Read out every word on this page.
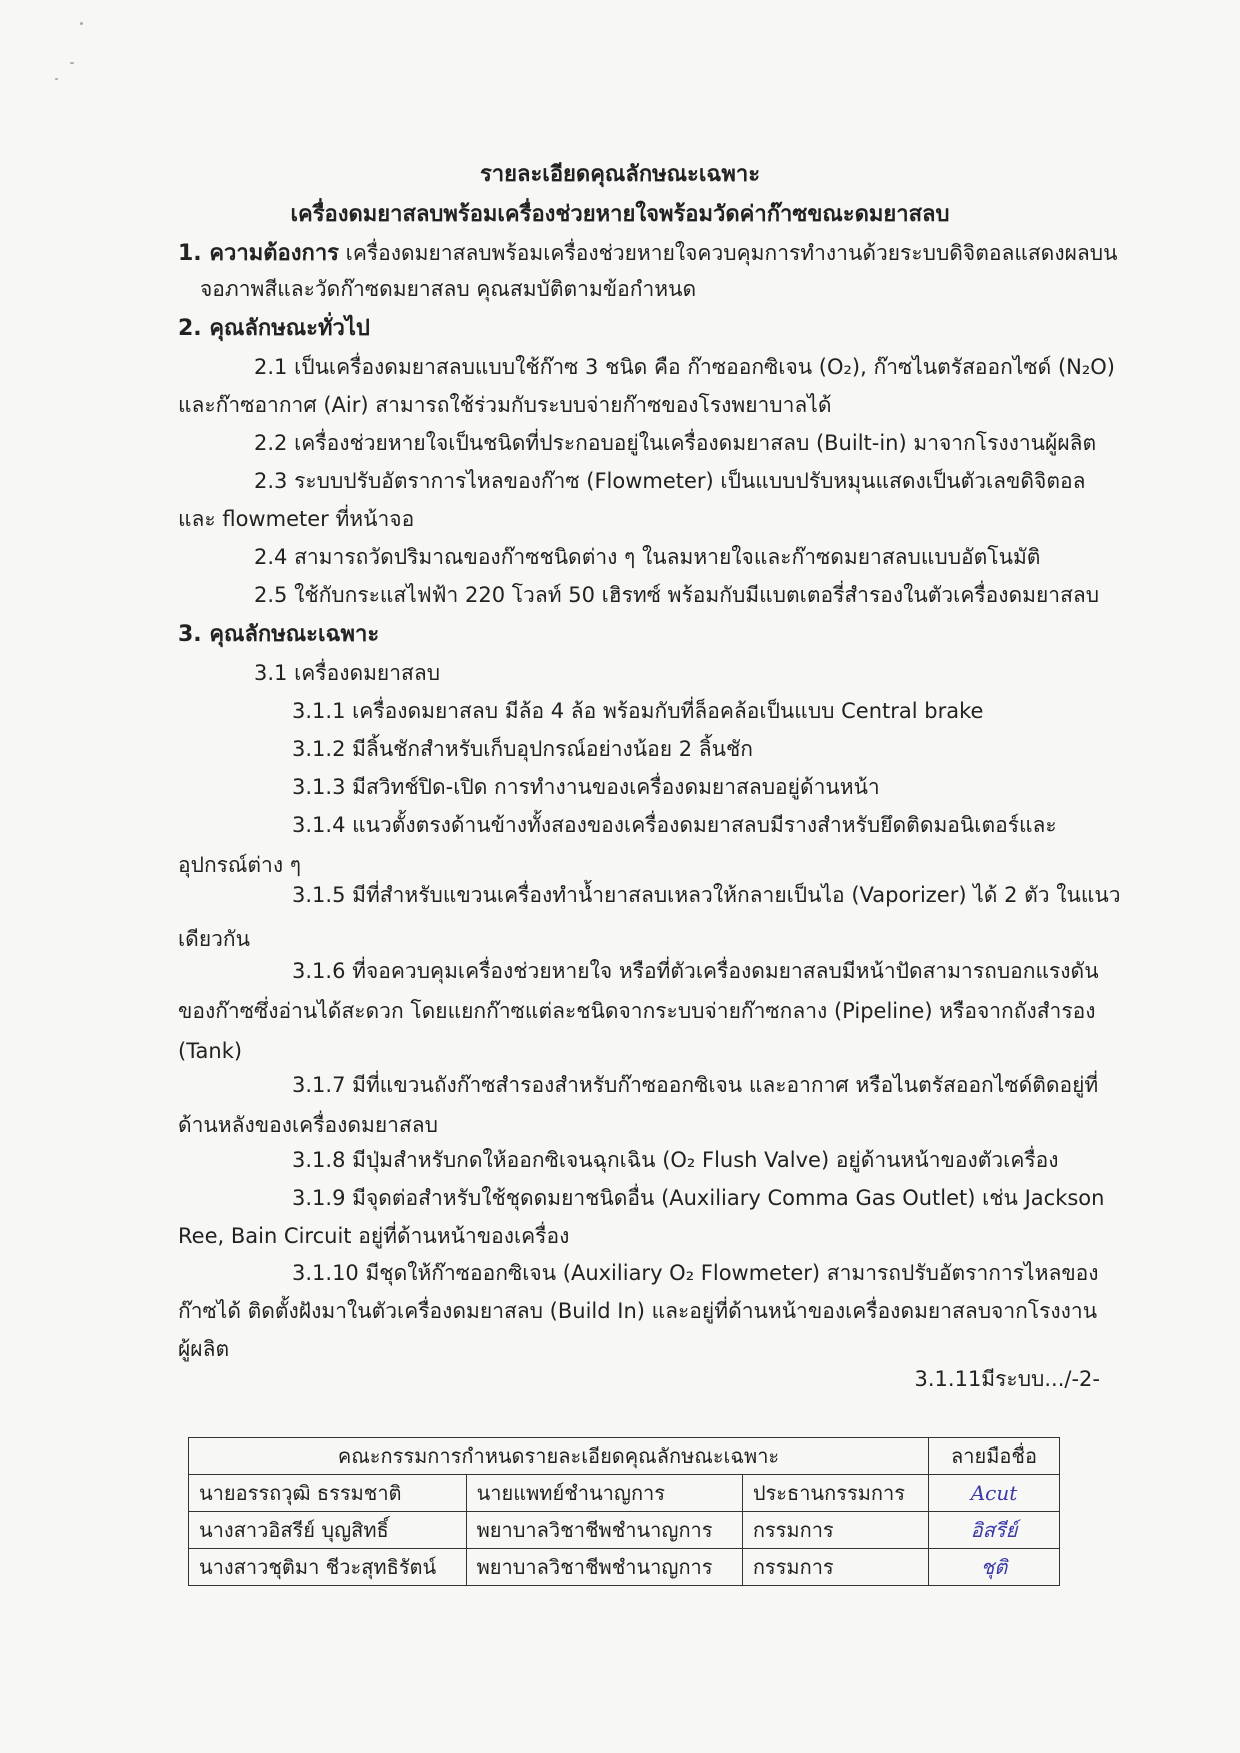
รายละเอียดคุณลักษณะเฉพาะ
เครื่องดมยาสลบพร้อมเครื่องช่วยหายใจพร้อมวัดค่าก๊าซขณะดมยาสลบ
1. ความต้องการ เครื่องดมยาสลบพร้อมเครื่องช่วยหายใจควบคุมการทำงานด้วยระบบดิจิตอลแสดงผลบน
จอภาพสีและวัดก๊าซดมยาสลบ คุณสมบัติตามข้อกำหนด
2. คุณลักษณะทั่วไป
2.1 เป็นเครื่องดมยาสลบแบบใช้ก๊าซ 3 ชนิด คือ ก๊าซออกซิเจน (O₂), ก๊าซไนตรัสออกไซด์ (N₂O)
และก๊าซอากาศ (Air) สามารถใช้ร่วมกับระบบจ่ายก๊าซของโรงพยาบาลได้
2.2 เครื่องช่วยหายใจเป็นชนิดที่ประกอบอยู่ในเครื่องดมยาสลบ (Built-in) มาจากโรงงานผู้ผลิต
2.3 ระบบปรับอัตราการไหลของก๊าซ (Flowmeter) เป็นแบบปรับหมุนแสดงเป็นตัวเลขดิจิตอล
และ flowmeter ที่หน้าจอ
2.4 สามารถวัดปริมาณของก๊าซชนิดต่าง ๆ ในลมหายใจและก๊าซดมยาสลบแบบอัตโนมัติ
2.5 ใช้กับกระแสไฟฟ้า 220 โวลท์ 50 เฮิรทซ์ พร้อมกับมีแบตเตอรี่สำรองในตัวเครื่องดมยาสลบ
3. คุณลักษณะเฉพาะ
3.1 เครื่องดมยาสลบ
3.1.1 เครื่องดมยาสลบ มีล้อ 4 ล้อ พร้อมกับที่ล็อคล้อเป็นแบบ Central brake
3.1.2 มีลิ้นชักสำหรับเก็บอุปกรณ์อย่างน้อย 2 ลิ้นชัก
3.1.3 มีสวิทช์ปิด-เปิด การทำงานของเครื่องดมยาสลบอยู่ด้านหน้า
3.1.4 แนวตั้งตรงด้านข้างทั้งสองของเครื่องดมยาสลบมีรางสำหรับยึดติดมอนิเตอร์และ
อุปกรณ์ต่าง ๆ
3.1.5 มีที่สำหรับแขวนเครื่องทำน้ำยาสลบเหลวให้กลายเป็นไอ (Vaporizer) ได้ 2 ตัว ในแนว
เดียวกัน
3.1.6 ที่จอควบคุมเครื่องช่วยหายใจ หรือที่ตัวเครื่องดมยาสลบมีหน้าปัดสามารถบอกแรงดัน
ของก๊าซซึ่งอ่านได้สะดวก โดยแยกก๊าซแต่ละชนิดจากระบบจ่ายก๊าซกลาง (Pipeline) หรือจากถังสำรอง
(Tank)
3.1.7 มีที่แขวนถังก๊าซสำรองสำหรับก๊าซออกซิเจน และอากาศ หรือไนตรัสออกไซด์ติดอยู่ที่
ด้านหลังของเครื่องดมยาสลบ
3.1.8 มีปุ่มสำหรับกดให้ออกซิเจนฉุกเฉิน (O₂ Flush Valve) อยู่ด้านหน้าของตัวเครื่อง
3.1.9 มีจุดต่อสำหรับใช้ชุดดมยาชนิดอื่น (Auxiliary Comma Gas Outlet) เช่น Jackson
Ree, Bain Circuit อยู่ที่ด้านหน้าของเครื่อง
3.1.10 มีชุดให้ก๊าซออกซิเจน (Auxiliary O₂ Flowmeter) สามารถปรับอัตราการไหลของ
ก๊าซได้ ติดตั้งฝังมาในตัวเครื่องดมยาสลบ (Build In) และอยู่ที่ด้านหน้าของเครื่องดมยาสลบจากโรงงาน
ผู้ผลิต
3.1.11มีระบบ.../-2-
คณะกรรมการกำหนดรายละเอียดคุณลักษณะเฉพาะ			ลายมือชื่อ
นายอรรถวุฒิ ธรรมชาติ	นายแพทย์ชำนาญการ	ประธานกรรมการ	Acut
นางสาวอิสรีย์ บุญสิทธิ์	พยาบาลวิชาชีพชำนาญการ	กรรมการ	อิสรีย์
นางสาวชุติมา ชีวะสุทธิรัตน์	พยาบาลวิชาชีพชำนาญการ	กรรมการ	ชุติ
